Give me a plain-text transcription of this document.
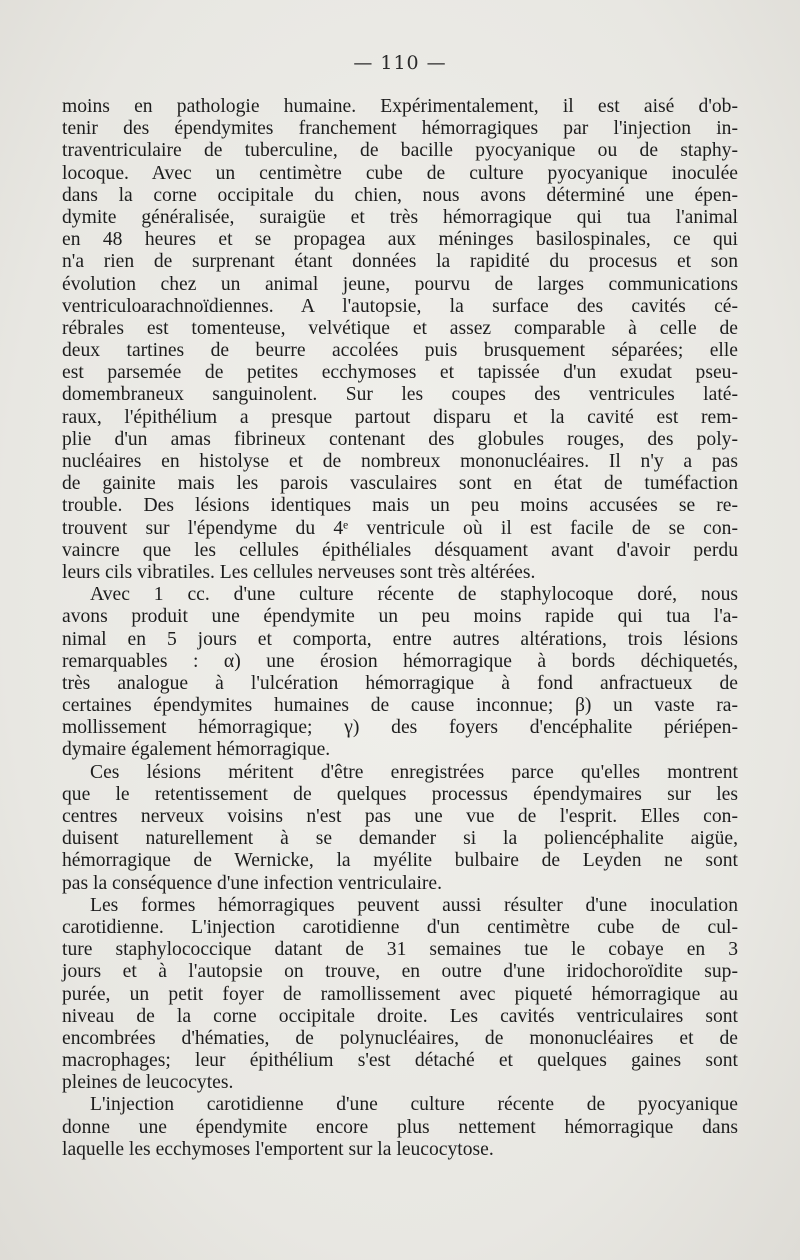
— 110 —
moins en pathologie humaine. Expérimentalement, il est aisé d'ob-
tenir des épendymites franchement hémorragiques par l'injection in-
traventriculaire de tuberculine, de bacille pyocyanique ou de staphy-
locoque. Avec un centimètre cube de culture pyocyanique inoculée
dans la corne occipitale du chien, nous avons déterminé une épen-
dymite généralisée, suraigüe et très hémorragique qui tua l'animal
en 48 heures et se propagea aux méninges basilospinales, ce qui
n'a rien de surprenant étant données la rapidité du procesus et son
évolution chez un animal jeune, pourvu de larges communications
ventriculoarachnoïdiennes. A l'autopsie, la surface des cavités cé-
rébrales est tomenteuse, velvétique et assez comparable à celle de
deux tartines de beurre accolées puis brusquement séparées; elle
est parsemée de petites ecchymoses et tapissée d'un exudat pseu-
domembraneux sanguinolent. Sur les coupes des ventricules laté-
raux, l'épithélium a presque partout disparu et la cavité est rem-
plie d'un amas fibrineux contenant des globules rouges, des poly-
nucléaires en histolyse et de nombreux mononucléaires. Il n'y a pas
de gainite mais les parois vasculaires sont en état de tuméfaction
trouble. Des lésions identiques mais un peu moins accusées se re-
trouvent sur l'épendyme du 4ᵉ ventricule où il est facile de se con-
vaincre que les cellules épithéliales désquament avant d'avoir perdu
leurs cils vibratiles. Les cellules nerveuses sont très altérées.
Avec 1 cc. d'une culture récente de staphylocoque doré, nous
avons produit une épendymite un peu moins rapide qui tua l'a-
nimal en 5 jours et comporta, entre autres altérations, trois lésions
remarquables : α) une érosion hémorragique à bords déchiquetés,
très analogue à l'ulcération hémorragique à fond anfractueux de
certaines épendymites humaines de cause inconnue; β) un vaste ra-
mollissement hémorragique; γ) des foyers d'encéphalite périépen-
dymaire également hémorragique.
Ces lésions méritent d'être enregistrées parce qu'elles montrent
que le retentissement de quelques processus épendymaires sur les
centres nerveux voisins n'est pas une vue de l'esprit. Elles con-
duisent naturellement à se demander si la poliencéphalite aigüe,
hémorragique de Wernicke, la myélite bulbaire de Leyden ne sont
pas la conséquence d'une infection ventriculaire.
Les formes hémorragiques peuvent aussi résulter d'une inoculation
carotidienne. L'injection carotidienne d'un centimètre cube de cul-
ture staphylococcique datant de 31 semaines tue le cobaye en 3
jours et à l'autopsie on trouve, en outre d'une iridochoroïdite sup-
purée, un petit foyer de ramollissement avec piqueté hémorragique au
niveau de la corne occipitale droite. Les cavités ventriculaires sont
encombrées d'hématies, de polynucléaires, de mononucléaires et de
macrophages; leur épithélium s'est détaché et quelques gaines sont
pleines de leucocytes.
L'injection carotidienne d'une culture récente de pyocyanique
donne une épendymite encore plus nettement hémorragique dans
laquelle les ecchymoses l'emportent sur la leucocytose.
